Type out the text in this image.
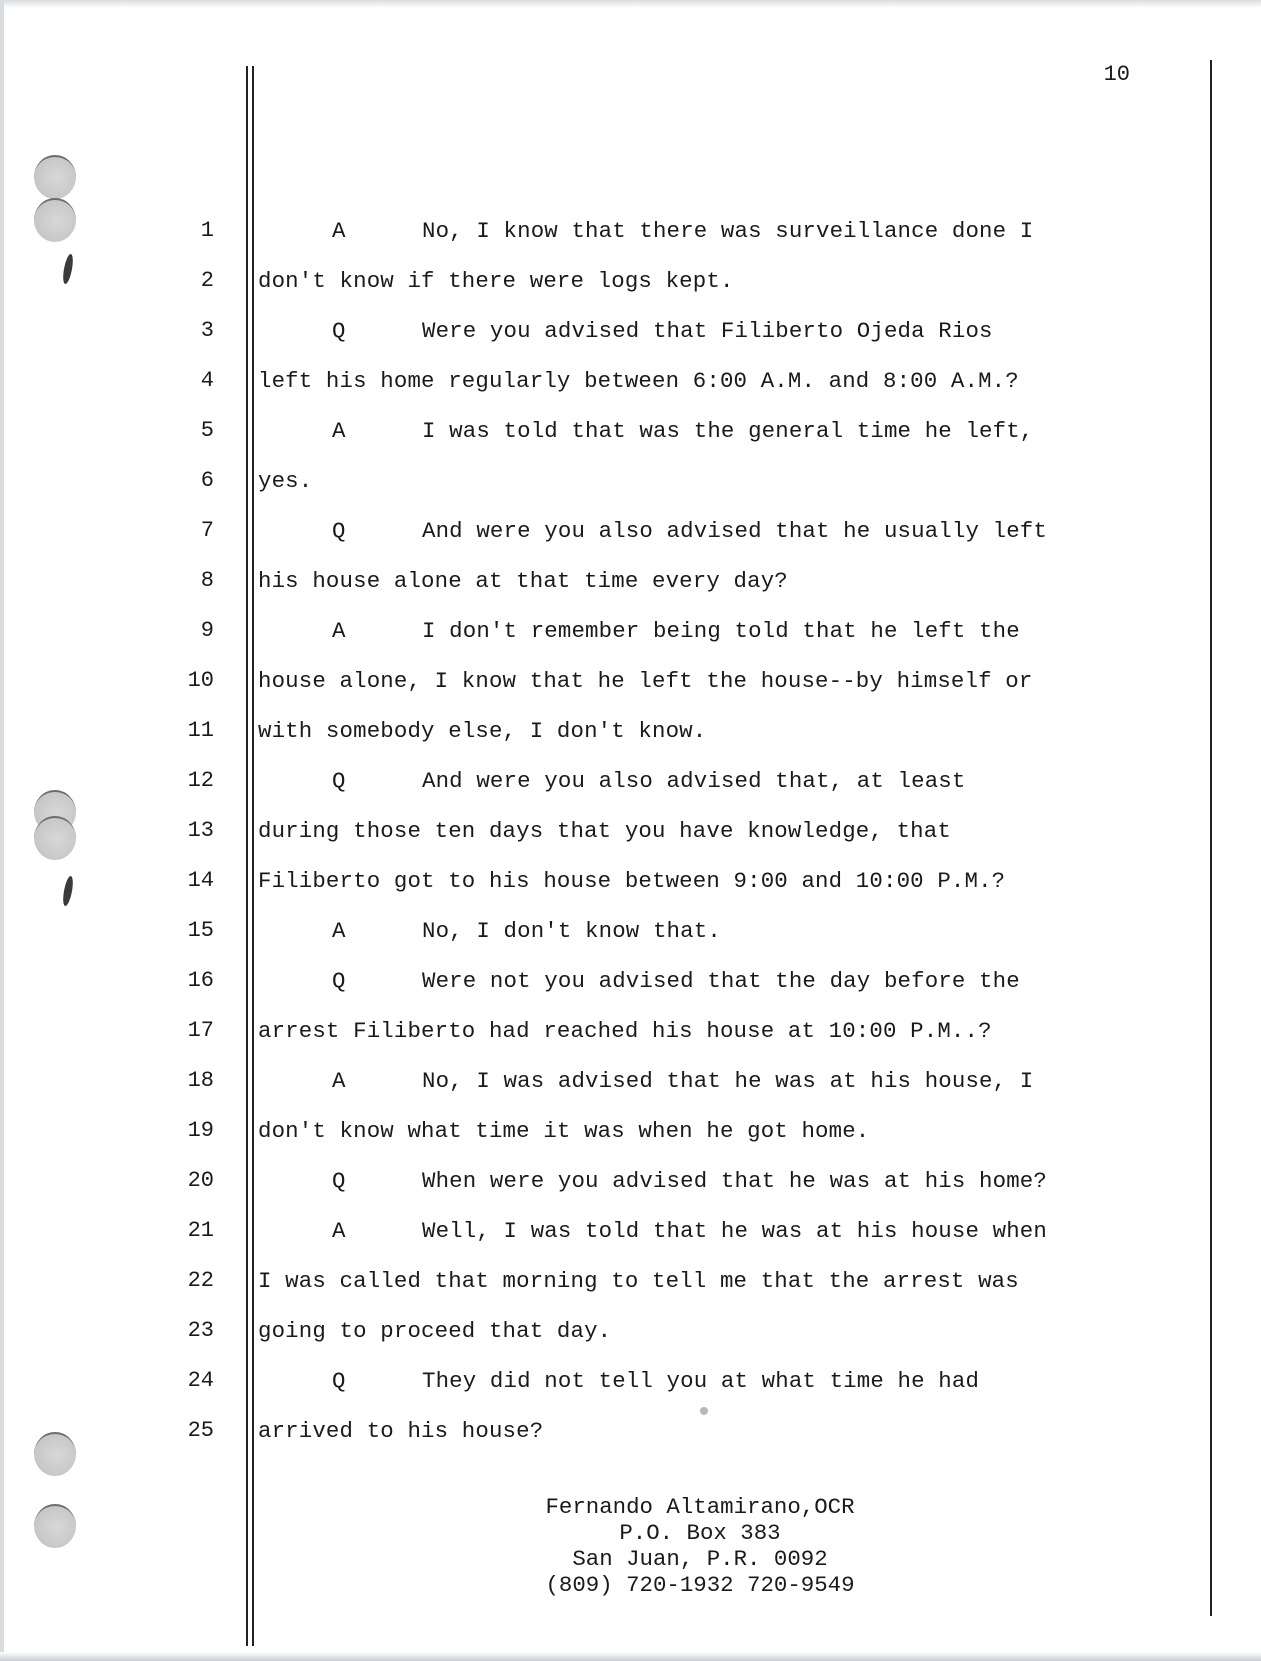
10
1	A	No, I know that there was surveillance done I
2 don't know if there were logs kept.
3	Q	Were you advised that Filiberto Ojeda Rios
4 left his home regularly between 6:00 A.M. and 8:00 A.M.?
5	A	I was told that was the general time he left,
6 yes.
7	Q	And were you also advised that he usually left
8 his house alone at that time every day?
9	A	I don't remember being told that he left the
10 house alone, I know that he left the house--by himself or
11 with somebody else, I don't know.
12	Q	And were you also advised that, at least
13 during those ten days that you have knowledge, that
14 Filiberto got to his house between 9:00 and 10:00 P.M.?
15	A	No, I don't know that.
16	Q	Were not you advised that the day before the
17 arrest Filiberto had reached his house at 10:00 P.M..?
18	A	No, I was advised that he was at his house, I
19 don't know what time it was when he got home.
20	Q	When were you advised that he was at his home?
21	A	Well, I was told that he was at his house when
22 I was called that morning to tell me that the arrest was
23 going to proceed that day.
24	Q	They did not tell you at what time he had
25 arrived to his house?
Fernando Altamirano,OCR
P.O. Box 383
San Juan, P.R. 0092
(809) 720-1932 720-9549
